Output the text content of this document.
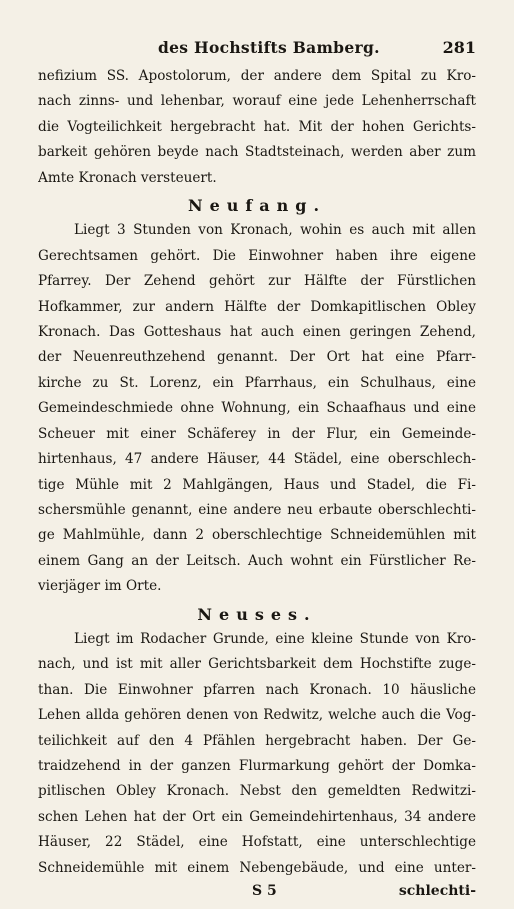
des Hochstifts Bamberg.	281
nefizium SS. Apostolorum, der andere dem Spital zu Kro-
nach zinns- und lehenbar, worauf eine jede Lehenherrschaft
die Vogteilichkeit hergebracht hat. Mit der hohen Gerichts-
barkeit gehören beyde nach Stadtsteinach, werden aber zum
Amte Kronach versteuert.
Neufang.
Liegt 3 Stunden von Kronach, wohin es auch mit allen
Gerechtsamen gehört. Die Einwohner haben ihre eigene
Pfarrey. Der Zehend gehört zur Hälfte der Fürstlichen
Hofkammer, zur andern Hälfte der Domkapitlischen Obley
Kronach. Das Gotteshaus hat auch einen geringen Zehend,
der Neuenreuthzehend genannt. Der Ort hat eine Pfarr-
kirche zu St. Lorenz, ein Pfarrhaus, ein Schulhaus, eine
Gemeindeschmiede ohne Wohnung, ein Schaafhaus und eine
Scheuer mit einer Schäferey in der Flur, ein Gemeinde-
hirtenhaus, 47 andere Häuser, 44 Städel, eine oberschlech-
tige Mühle mit 2 Mahlgängen, Haus und Stadel, die Fi-
schersmühle genannt, eine andere neu erbaute oberschlechti-
ge Mahlmühle, dann 2 oberschlechtige Schneidemühlen mit
einem Gang an der Leitsch. Auch wohnt ein Fürstlicher Re-
vierjäger im Orte.
Neuses.
Liegt im Rodacher Grunde, eine kleine Stunde von Kro-
nach, und ist mit aller Gerichtsbarkeit dem Hochstifte zuge-
than. Die Einwohner pfarren nach Kronach. 10 häusliche
Lehen allda gehören denen von Redwitz, welche auch die Vog-
teilichkeit auf den 4 Pfählen hergebracht haben. Der Ge-
traidzehend in der ganzen Flurmarkung gehört der Domka-
pitlischen Obley Kronach. Nebst den gemeldten Redwitzi-
schen Lehen hat der Ort ein Gemeindehirtenhaus, 34 andere
Häuser, 22 Städel, eine Hofstatt, eine unterschlechtige
Schneidemühle mit einem Nebengebäude, und eine unter-
S 5	schlechti-
